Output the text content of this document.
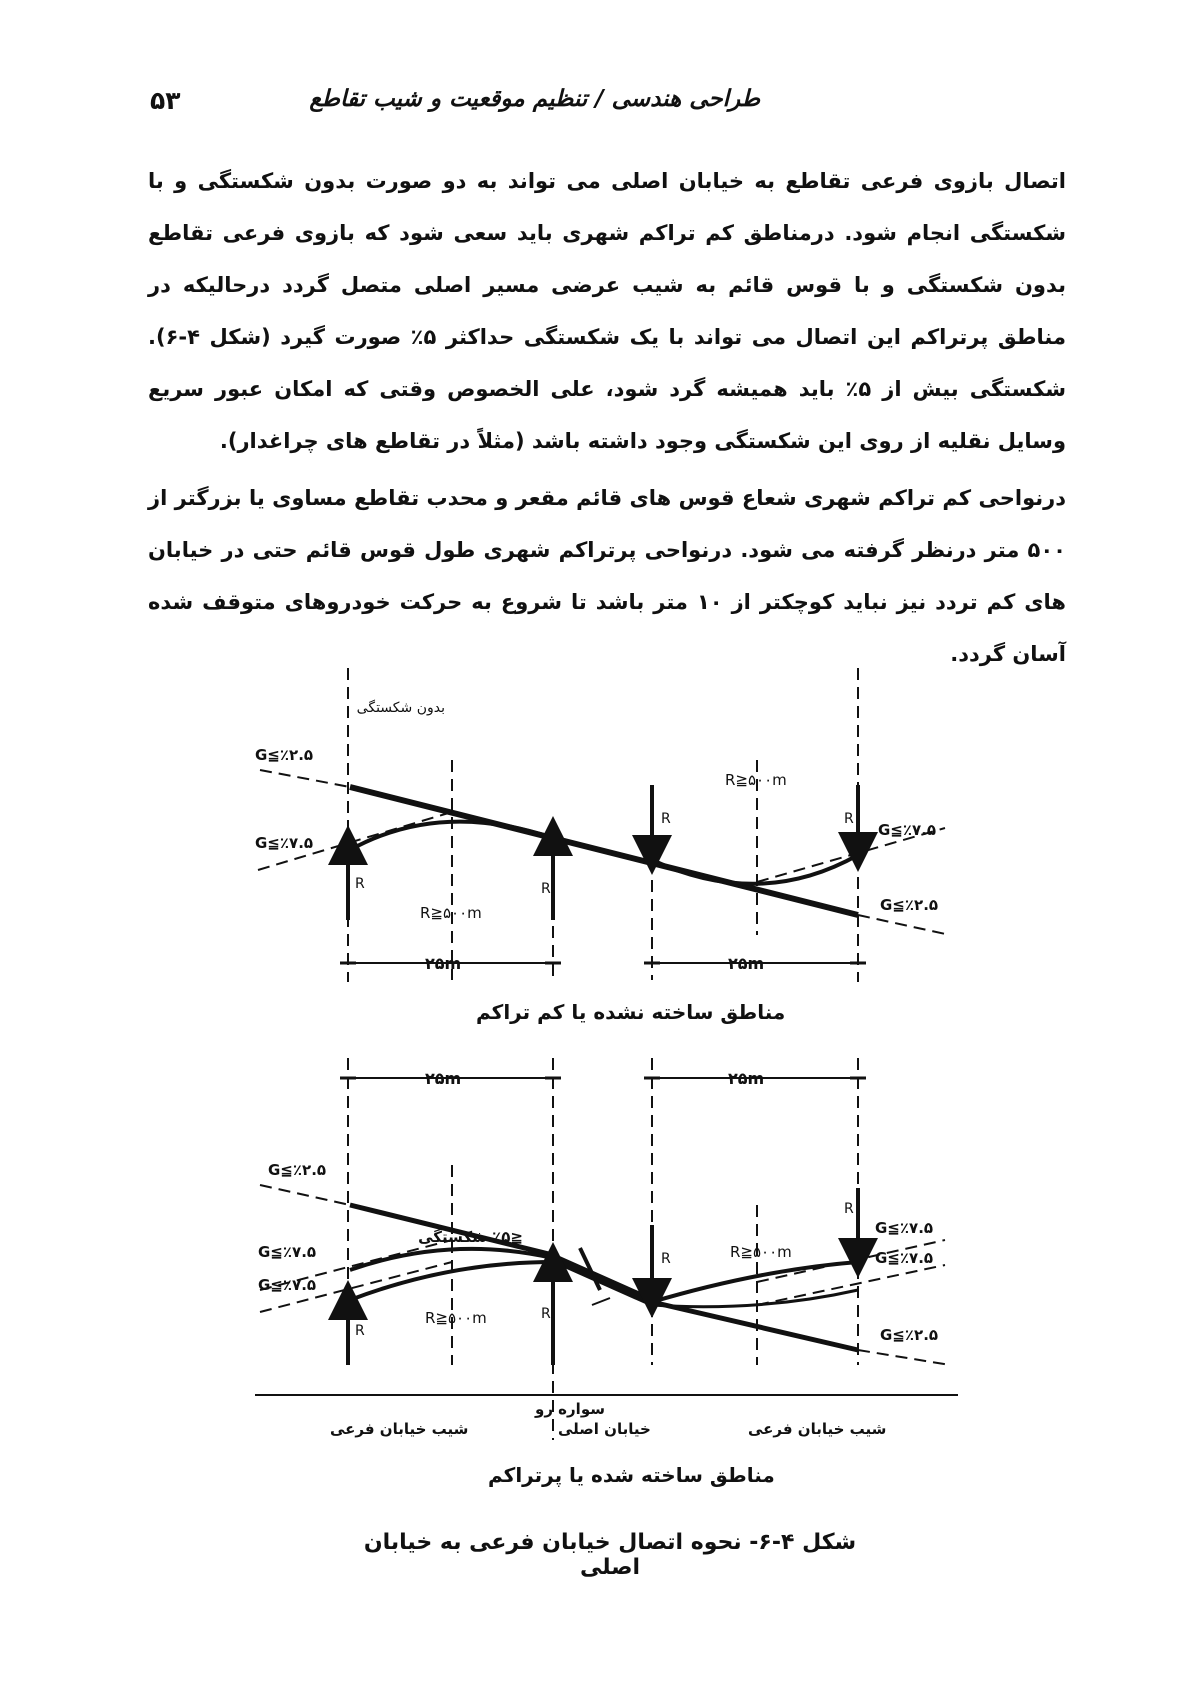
۵۳	طراحی هندسی / تنظیم موقعیت و شیب تقاطع

اتصال بازوی فرعی تقاطع به خیابان اصلی می تواند به دو صورت بدون شکستگی و با شکستگی انجام شود. درمناطق کم تراکم شهری باید سعی شود که بازوی فرعی تقاطع بدون شکستگی و با قوس قائم به شیب عرضی مسیر اصلی متصل گردد درحالیکه در مناطق پرتراکم این اتصال می تواند با یک شکستگی حداکثر ۵٪ صورت گیرد (شکل ۴-۶). شکستگی بیش از ۵٪ باید همیشه گرد شود، علی الخصوص وقتی که امکان عبور سریع وسایل نقلیه از روی این شکستگی وجود داشته باشد (مثلاً در تقاطع های چراغدار).

درنواحی کم تراکم شهری شعاع قوس های قائم مقعر و محدب تقاطع مساوی یا بزرگتر از ۵۰۰ متر درنظر گرفته می شود. درنواحی پرتراکم شهری طول قوس قائم حتی در خیابان های کم تردد نیز نباید کوچکتر از ۱۰ متر باشد تا شروع به حرکت خودروهای متوقف شده آسان گردد.

بدون شکستگی
G≦٪۲.۵
G≦٪۷.۵
G≦٪۷.۵
G≦٪۲.۵
R≧۵۰۰m
R≧۵۰۰m
R	R
R	R
۲۵m	۲۵m
۲۵m	۲۵m
G≦٪۲.۵
G≦٪۷.۵
G≦٪۷.۵
G≦٪۷.۵
G≦٪۷.۵
G≦٪۲.۵
≦٪۵ شکستگی
R≧۵۰۰m
R≧۵۰۰m
R
R
R
R
مناطق ساخته نشده یا کم تراکم
سواره رو
شیب خیابان فرعی	خیابان اصلی	شیب خیابان فرعی
مناطق ساخته شده یا پرتراکم
شکل ۴-۶- نحوه اتصال خیابان فرعی به خیابان اصلی
